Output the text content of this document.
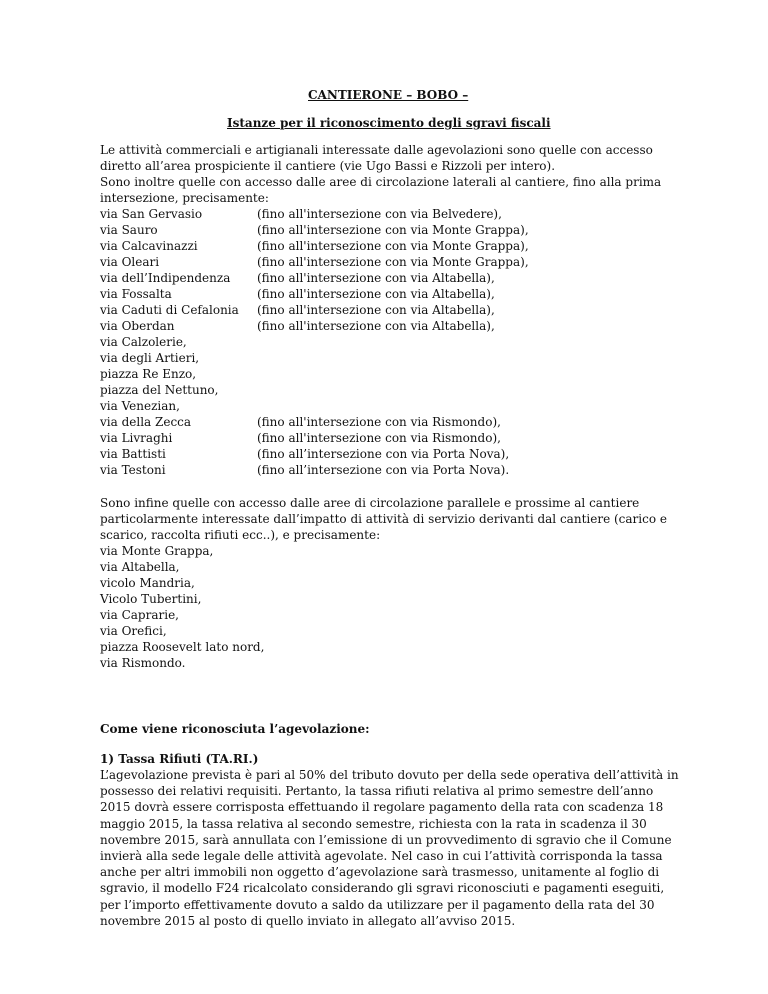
CANTIERONE – BOBO –

Istanze per il riconoscimento degli sgravi fiscali

Le attività commerciali e artigianali interessate dalle agevolazioni sono quelle con accesso diretto all’area prospiciente il cantiere (vie Ugo Bassi e Rizzoli per intero).

Sono inoltre quelle con accesso dalle aree di circolazione laterali al cantiere, fino alla prima intersezione, precisamente:

via San Gervasio	(fino all'intersezione con via Belvedere),
via Sauro	(fino all'intersezione con via Monte Grappa),
via Calcavinazzi	(fino all'intersezione con via Monte Grappa),
via Oleari	(fino all'intersezione con via Monte Grappa),
via dell’Indipendenza (fino all'intersezione con via Altabella),
via Fossalta	(fino all'intersezione con via Altabella),
via Caduti di Cefalonia (fino all'intersezione con via Altabella),
via Oberdan	(fino all'intersezione con via Altabella),
via Calzolerie,
via degli Artieri,
piazza Re Enzo,
piazza del Nettuno,
via Venezian,
via della Zecca	(fino all'intersezione con via Rismondo),
via Livraghi	(fino all'intersezione con via Rismondo),
via Battisti	(fino all’intersezione con via Porta Nova),
via Testoni	(fino all’intersezione con via Porta Nova).

Sono infine quelle con accesso dalle aree di circolazione parallele e prossime al cantiere particolarmente interessate dall’impatto di attività di servizio derivanti dal cantiere (carico e scarico, raccolta rifiuti ecc..), e precisamente:

via Monte Grappa,

via Altabella,

vicolo Mandria,

Vicolo Tubertini,

via Caprarie,

via Orefici,

piazza Roosevelt lato nord,

via Rismondo.

Come viene riconosciuta l’agevolazione:

1) Tassa Rifiuti (TA.RI.)

L’agevolazione prevista è pari al 50% del tributo dovuto per della sede operativa dell’attività in possesso dei relativi requisiti. Pertanto, la tassa rifiuti relativa al primo semestre dell’anno 2015 dovrà essere corrisposta effettuando il regolare pagamento della rata con scadenza 18 maggio 2015, la tassa relativa al secondo semestre, richiesta con la rata in scadenza il 30 novembre 2015, sarà annullata con l’emissione di un provvedimento di sgravio che il Comune invierà alla sede legale delle attività agevolate. Nel caso in cui l’attività corrisponda la tassa anche per altri immobili non oggetto d’agevolazione sarà trasmesso, unitamente al foglio di sgravio, il modello F24 ricalcolato considerando gli sgravi riconosciuti e pagamenti eseguiti, per l’importo effettivamente dovuto a saldo da utilizzare per il pagamento della rata del 30 novembre 2015 al posto di quello inviato in allegato all’avviso 2015.
